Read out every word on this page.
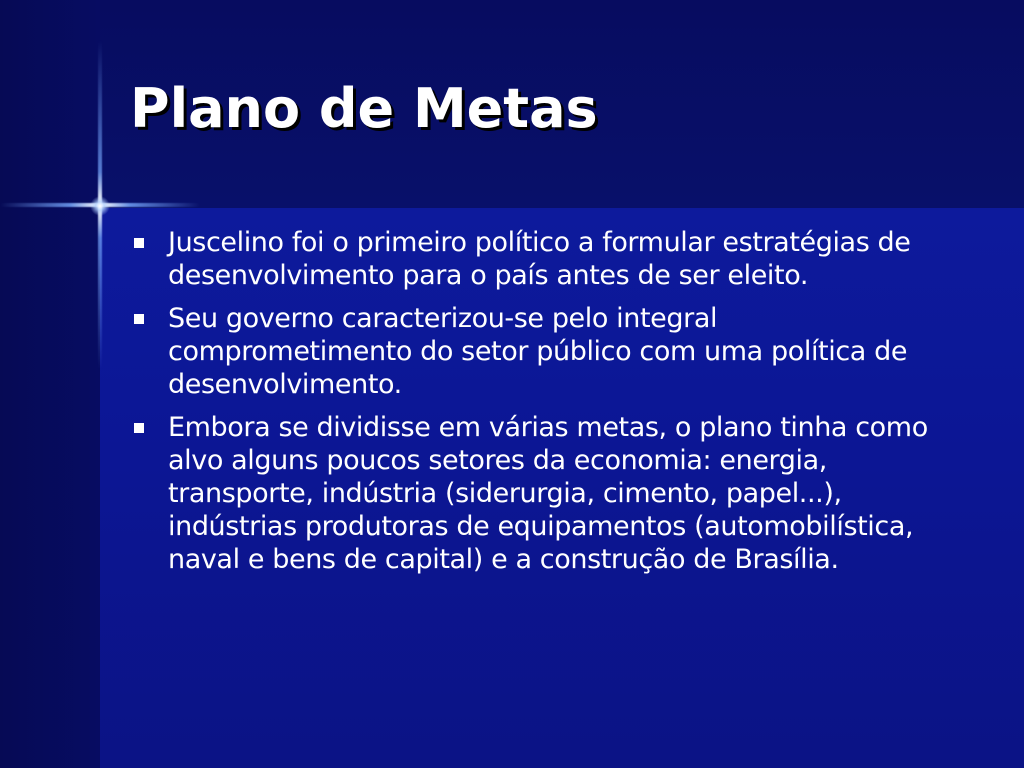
Plano de Metas
Juscelino foi o primeiro político a formular estratégias de desenvolvimento para o país antes de ser eleito.
Seu governo caracterizou-se pelo integral comprometimento do setor público com uma política de desenvolvimento.
Embora se dividisse em várias metas, o plano tinha como alvo alguns poucos setores da economia: energia, transporte, indústria (siderurgia, cimento, papel...), indústrias produtoras de equipamentos (automobilística, naval e bens de capital) e a construção de Brasília.
